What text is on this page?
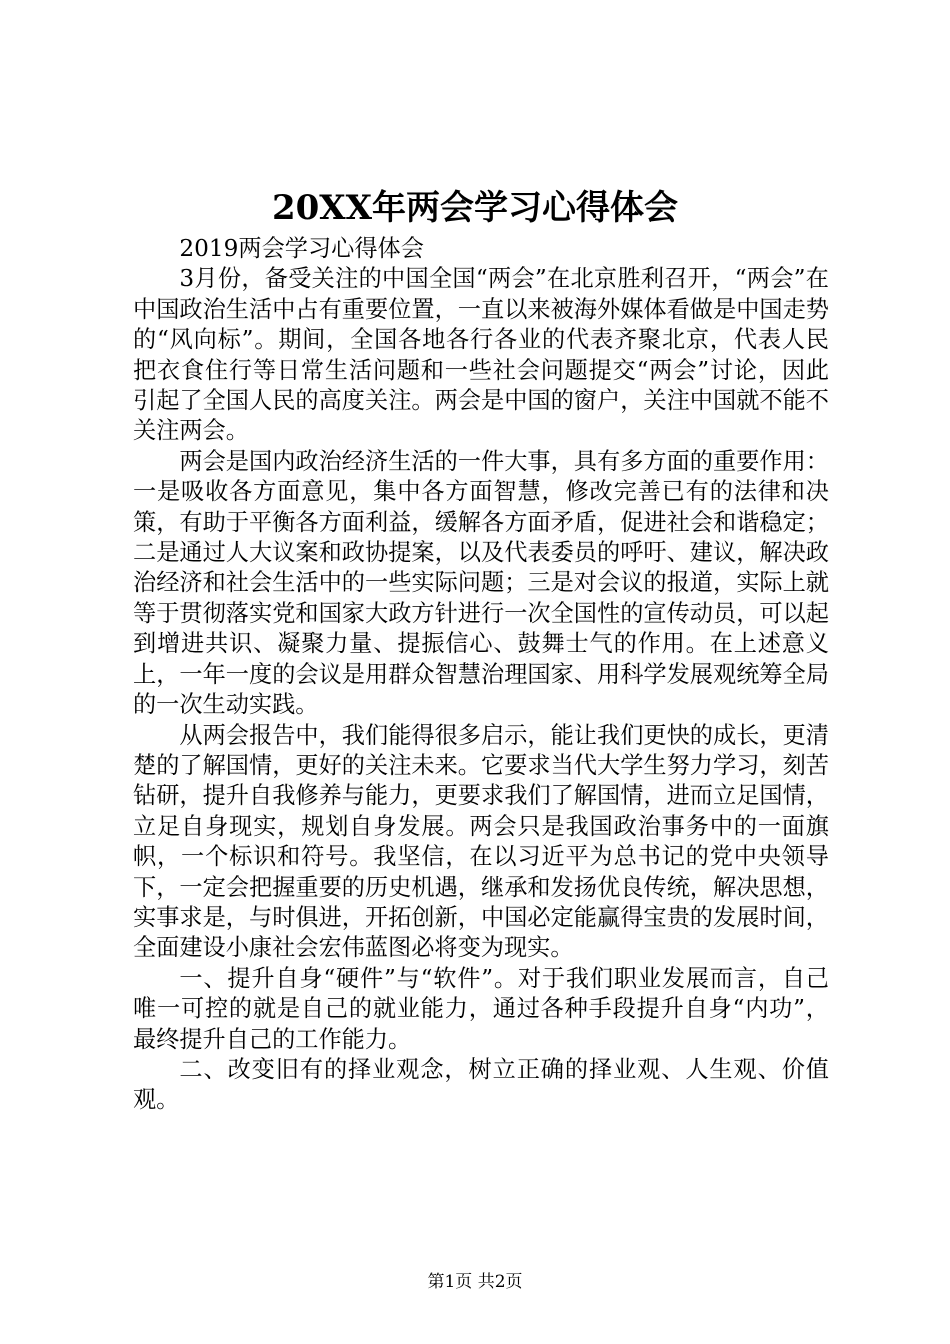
20XX年两会学习心得体会

2019两会学习心得体会

3月份，备受关注的中国全国“两会”在北京胜利召开，“两会”在中国政治生活中占有重要位置，一直以来被海外媒体看做是中国走势的“风向标”。期间，全国各地各行各业的代表齐聚北京，代表人民把衣食住行等日常生活问题和一些社会问题提交“两会”讨论，因此引起了全国人民的高度关注。两会是中国的窗户，关注中国就不能不关注两会。

两会是国内政治经济生活的一件大事，具有多方面的重要作用：一是吸收各方面意见，集中各方面智慧，修改完善已有的法律和决策，有助于平衡各方面利益，缓解各方面矛盾，促进社会和谐稳定；二是通过人大议案和政协提案，以及代表委员的呼吁、建议，解决政治经济和社会生活中的一些实际问题；三是对会议的报道，实际上就等于贯彻落实党和国家大政方针进行一次全国性的宣传动员，可以起到增进共识、凝聚力量、提振信心、鼓舞士气的作用。在上述意义上，一年一度的会议是用群众智慧治理国家、用科学发展观统筹全局的一次生动实践。

从两会报告中，我们能得很多启示，能让我们更快的成长，更清楚的了解国情，更好的关注未来。它要求当代大学生努力学习，刻苦钻研，提升自我修养与能力，更要求我们了解国情，进而立足国情，立足自身现实，规划自身发展。两会只是我国政治事务中的一面旗帜，一个标识和符号。我坚信，在以习近平为总书记的党中央领导下，一定会把握重要的历史机遇，继承和发扬优良传统，解决思想，实事求是，与时俱进，开拓创新，中国必定能赢得宝贵的发展时间，全面建设小康社会宏伟蓝图必将变为现实。

一、提升自身“硬件”与“软件”。对于我们职业发展而言，自己唯一可控的就是自己的就业能力，通过各种手段提升自身“内功”，最终提升自己的工作能力。

二、改变旧有的择业观念，树立正确的择业观、人生观、价值观。

第1页 共2页
